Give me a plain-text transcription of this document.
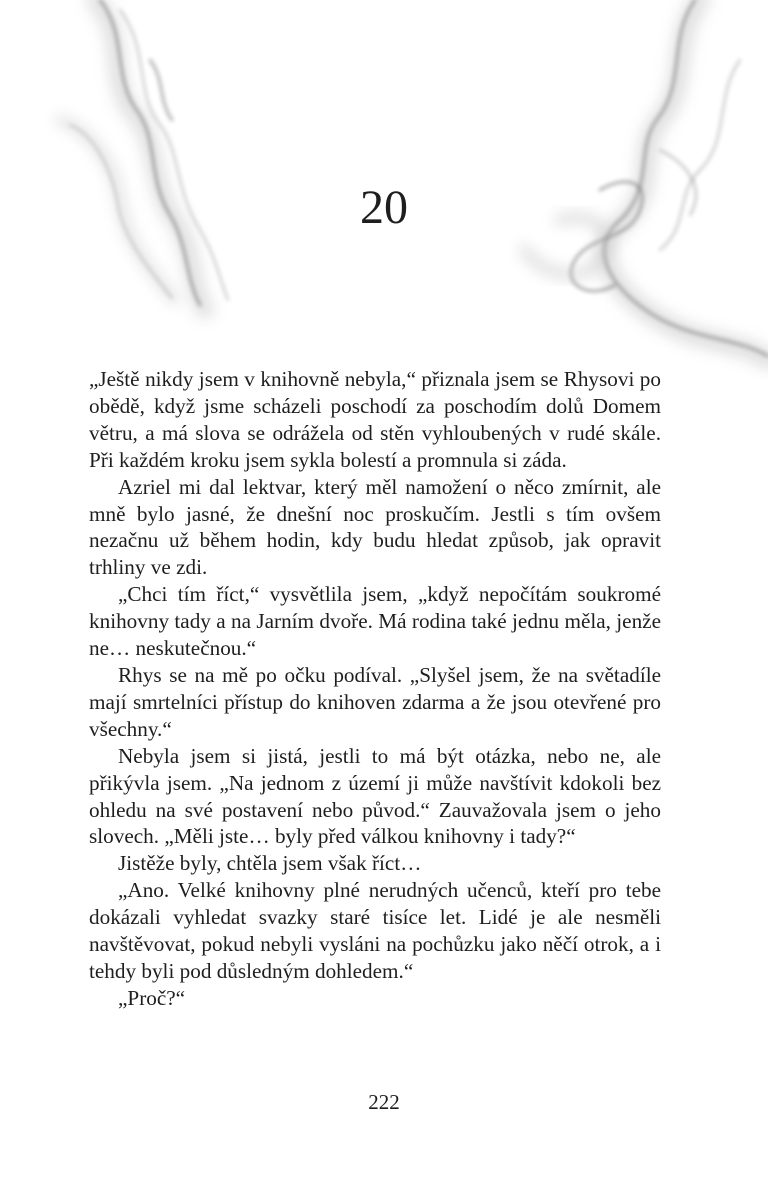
20

„Ještě nikdy jsem v knihovně nebyla,“ přiznala jsem se Rhysovi po obědě, když jsme scházeli poschodí za poschodím dolů Domem větru, a má slova se odrážela od stěn vyhloubených v rudé skále. Při každém kroku jsem sykla bolestí a promnula si záda.

Azriel mi dal lektvar, který měl namožení o něco zmírnit, ale mně bylo jasné, že dnešní noc proskučím. Jestli s tím ovšem nezačnu už během hodin, kdy budu hledat způsob, jak opravit trhliny ve zdi.

„Chci tím říct,“ vysvětlila jsem, „když nepočítám soukromé knihovny tady a na Jarním dvoře. Má rodina také jednu měla, jenže ne… neskutečnou.“

Rhys se na mě po očku podíval. „Slyšel jsem, že na světadíle mají smrtelníci přístup do knihoven zdarma a že jsou otevřené pro všechny.“

Nebyla jsem si jistá, jestli to má být otázka, nebo ne, ale přikývla jsem. „Na jednom z území ji může navštívit kdokoli bez ohledu na své postavení nebo původ.“ Zauvažovala jsem o jeho slovech. „Měli jste… byly před válkou knihovny i tady?“

Jistěže byly, chtěla jsem však říct…

„Ano. Velké knihovny plné nerudných učenců, kteří pro tebe dokázali vyhledat svazky staré tisíce let. Lidé je ale nesměli navštěvovat, pokud nebyli vysláni na pochůzku jako něčí otrok, a i tehdy byli pod důsledným dohledem.“

„Proč?“

222
